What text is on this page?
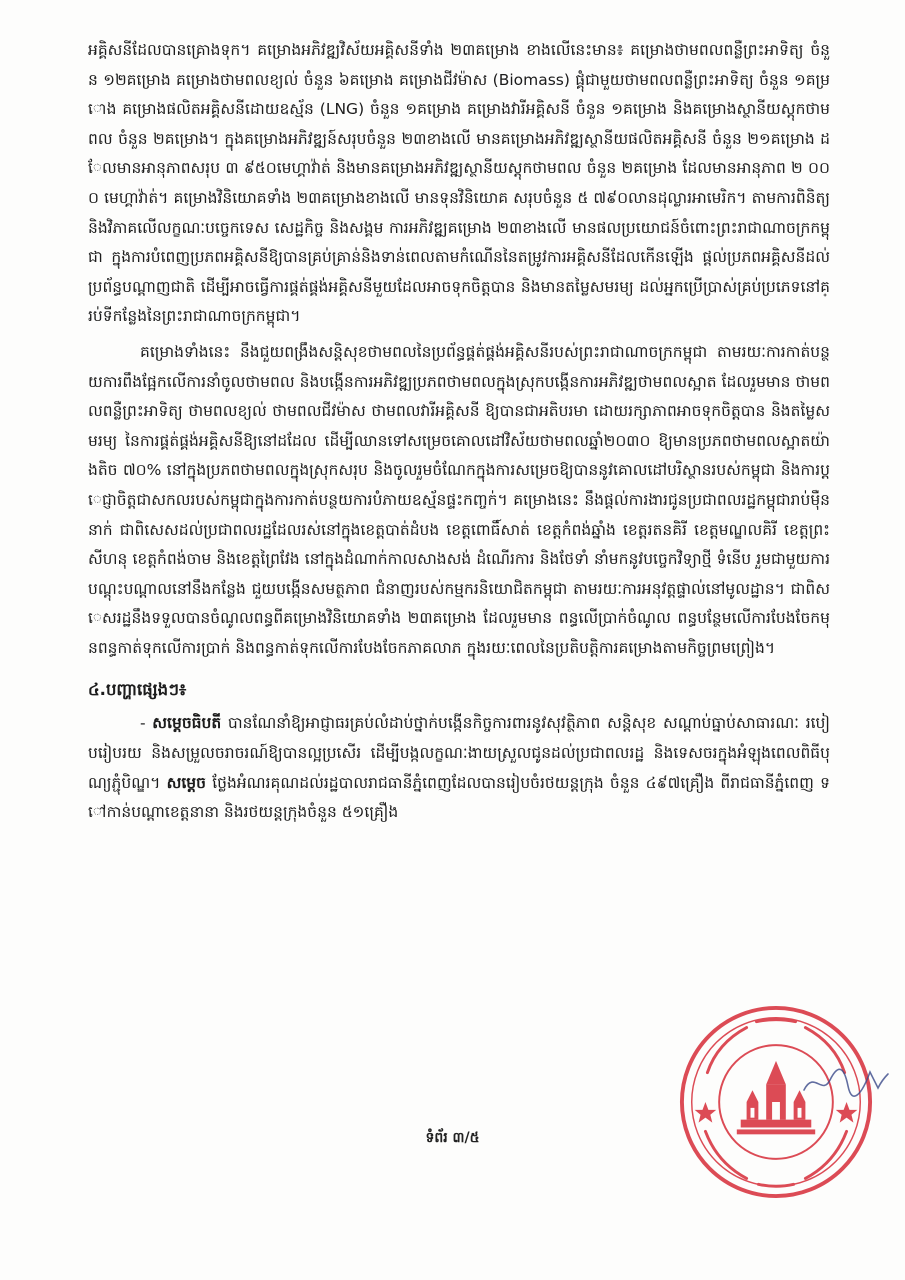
អគ្គិសនីដែលបានគ្រោងទុក។ គម្រោងអភិវឌ្ឍវិស័យអគ្គិសនីទាំង ២៣គម្រោង ខាងលើនេះមាន៖ គម្រោងថាមពលពន្លឺព្រះអាទិត្យ ចំនួន ១២គម្រោង គម្រោងថាមពលខ្យល់ ចំនួន ៦គម្រោង គម្រោងជីវម៉ាស (Biomass) ផ្គុំជាមួយថាមពលពន្លឺព្រះអាទិត្យ ចំនួន ១គម្រោង គម្រោងផលិតអគ្គិសនីដោយឧស្ម័ន (LNG) ចំនួន ១គម្រោង គម្រោងវារីអគ្គិសនី ចំនួន ១គម្រោង និងគម្រោងស្ថានីយស្តុកថាមពល ចំនួន ២គម្រោង។ ក្នុងគម្រោងអភិវឌ្ឍន៍សរុបចំនួន ២៣ខាងលើ មានគម្រោងអភិវឌ្ឍស្ថានីយផលិតអគ្គិសនី ចំនួន ២១គម្រោង ដែលមានអានុភាពសរុប ៣ ៩៥០មេហ្គាវ៉ាត់ និងមានគម្រោងអភិវឌ្ឍស្ថានីយស្តុកថាមពល ចំនួន ២គម្រោង ដែលមានអានុភាព ២ ០០០ មេហ្គាវ៉ាត់។ គម្រោងវិនិយោគទាំង ២៣គម្រោងខាងលើ មានទុនវិនិយោគ សរុបចំនួន ៥ ៧៩០លានដុល្លារអាមេរិក។ តាមការពិនិត្យ និងវិភាគលើលក្ខណៈបច្ចេកទេស សេដ្ឋកិច្ច និងសង្គម ការអភិវឌ្ឍគម្រោង ២៣ខាងលើ មានផលប្រយោជន៍ចំពោះព្រះរាជាណាចក្រកម្ពុជា ក្នុងការបំពេញប្រភពអគ្គិសនីឱ្យបានគ្រប់គ្រាន់និងទាន់ពេលតាមកំណើននៃតម្រូវការអគ្គិសនីដែលកើនឡើង ផ្តល់ប្រភពអគ្គិសនីដល់ប្រព័ន្ធបណ្តាញជាតិ ដើម្បីអាចធ្វើការផ្គត់ផ្គង់អគ្គិសនីមួយដែលអាចទុកចិត្តបាន និងមានតម្លៃសមរម្យ ដល់អ្នកប្រើប្រាស់គ្រប់ប្រភេទនៅគ្រប់ទីកន្លែងនៃព្រះរាជាណាចក្រកម្ពុជា។

គម្រោងទាំងនេះ នឹងជួយពង្រឹងសន្តិសុខថាមពលនៃប្រព័ន្ធផ្គត់ផ្គង់អគ្គិសនីរបស់ព្រះរាជាណាចក្រកម្ពុជា តាមរយៈការកាត់បន្ថយការពឹងផ្អែកលើការនាំចូលថាមពល និងបង្កើនការអភិវឌ្ឍប្រភពថាមពលក្នុងស្រុកបង្កើនការអភិវឌ្ឍថាមពលស្អាត ដែលរួមមាន ថាមពលពន្លឺព្រះអាទិត្យ ថាមពលខ្យល់ ថាមពលជីវម៉ាស ថាមពលវារីអគ្គិសនី ឱ្យបានជាអតិបរមា ដោយរក្សាភាពអាចទុកចិត្តបាន និងតម្លៃសមរម្យ នៃការផ្គត់ផ្គង់អគ្គិសនីឱ្យនៅដដែល ដើម្បីឈានទៅសម្រេចគោលដៅវិស័យថាមពលឆ្នាំ២០៣០ ឱ្យមានប្រភពថាមពលស្អាតយ៉ាងតិច ៧០% នៅក្នុងប្រភពថាមពលក្នុងស្រុកសរុប និងចូលរួមចំណែកក្នុងការសម្រេចឱ្យបាននូវគោលដៅបរិស្ថានរបស់កម្ពុជា និងការប្តេជ្ញាចិត្តជាសកលរបស់កម្ពុជាក្នុងការកាត់បន្ថយការបំភាយឧស្ម័នផ្ទះកញ្ចក់។ គម្រោងនេះ នឹងផ្តល់ការងារជូនប្រជាពលរដ្ឋកម្ពុជារាប់ម៉ឺននាក់ ជាពិសេសដល់ប្រជាពលរដ្ឋដែលរស់នៅក្នុងខេត្តបាត់ដំបង ខេត្តពោធិ៍សាត់ ខេត្តកំពង់ឆ្នាំង ខេត្តរតនគិរី ខេត្តមណ្ឌលគិរី ខេត្តព្រះសីហនុ ខេត្តកំពង់ចាម និងខេត្តព្រៃវែង នៅក្នុងដំណាក់កាលសាងសង់ ដំណើរការ និងថែទាំ នាំមកនូវបច្ចេកវិទ្យាថ្មី ទំនើប រួមជាមួយការបណ្តុះបណ្តាលនៅនឹងកន្លែង ជួយបង្កើនសមត្ថភាព ជំនាញរបស់កម្មករនិយោជិតកម្ពុជា តាមរយៈការអនុវត្តផ្ទាល់នៅមូលដ្ឋាន។ ជាពិសេសរដ្ឋនឹងទទួលបានចំណូលពន្ធពីគម្រោងវិនិយោគទាំង ២៣គម្រោង ដែលរួមមាន ពន្ធលើប្រាក់ចំណូល ពន្ធបន្ថែមលើការបែងចែកមុនពន្ធកាត់ទុកលើការប្រាក់ និងពន្ធកាត់ទុកលើការបែងចែកភាគលាភ ក្នុងរយៈពេលនៃប្រតិបត្តិការគម្រោងតាមកិច្ចព្រមព្រៀង។

៤.បញ្ហាផ្សេងៗ៖

- សម្តេចធិបតី បានណែនាំឱ្យអាជ្ញាធរគ្រប់លំដាប់ថ្នាក់បង្កើនកិច្ចការពារនូវសុវត្ថិភាព សន្តិសុខ សណ្តាប់ធ្នាប់សាធារណៈ របៀបរៀបរយ និងសម្រួលចរាចរណ៍ឱ្យបានល្អប្រសើរ ដើម្បីបង្កលក្ខណៈងាយស្រួលជូនដល់ប្រជាពលរដ្ឋ និងទេសចរក្នុងអំឡុងពេលពិធីបុណ្យភ្ជុំបិណ្ឌ។ សម្តេច ថ្លែងអំណរគុណដល់រដ្ឋបាលរាជធានីភ្នំពេញដែលបានរៀបចំរថយន្តក្រុង ចំនួន ៤៩៧គ្រឿង ពីរាជធានីភ្នំពេញ ទៅកាន់បណ្តាខេត្តនានា និងរថយន្តក្រុងចំនួន ៥១គ្រឿង

ទំព័រ ៣/៥
